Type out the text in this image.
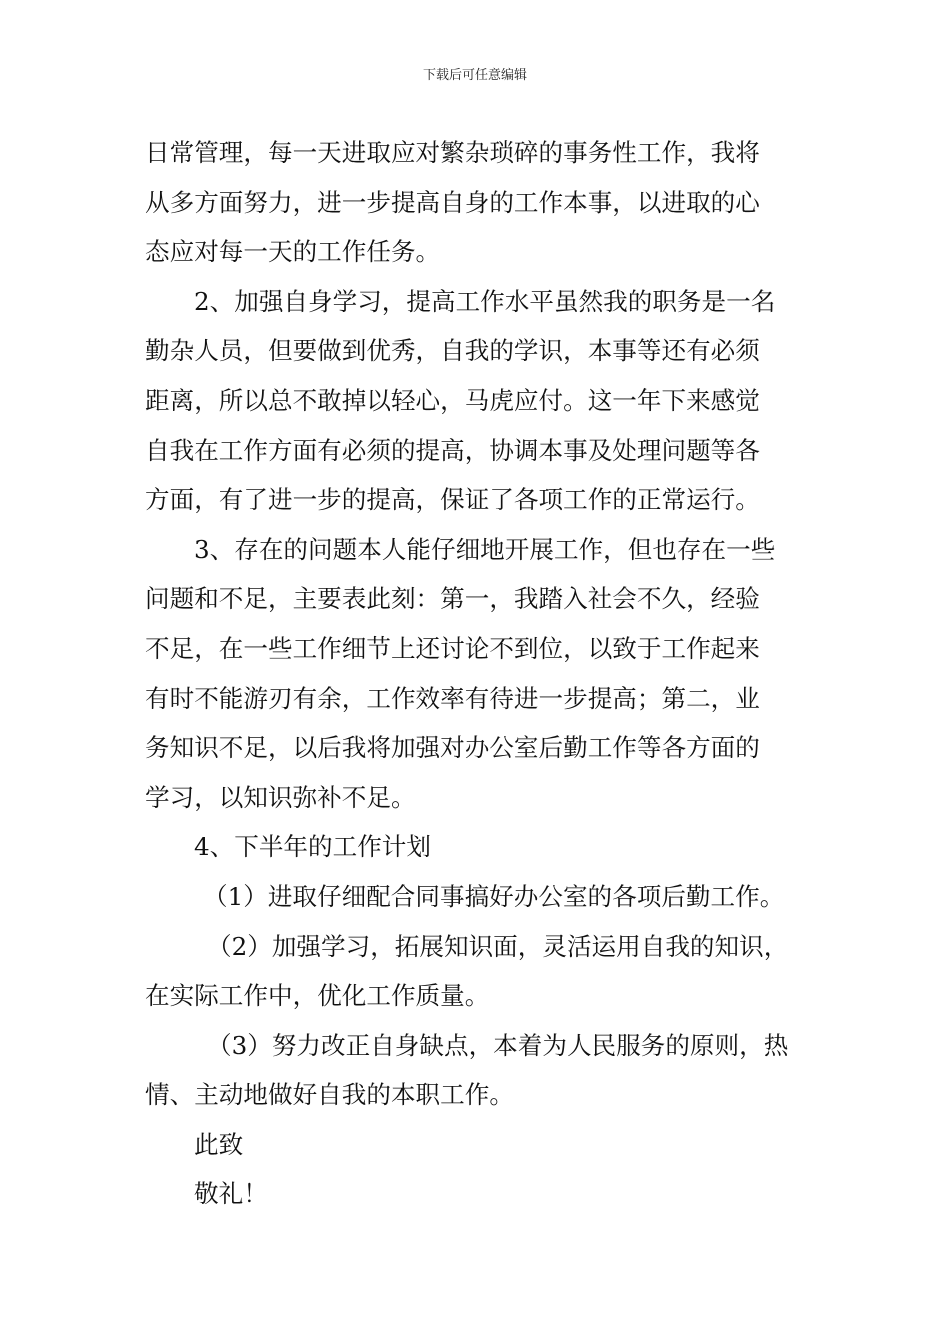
下载后可任意编辑
日常管理，每一天进取应对繁杂琐碎的事务性工作，我将
从多方面努力，进一步提高自身的工作本事，以进取的心
态应对每一天的工作任务。
2、加强自身学习，提高工作水平虽然我的职务是一名
勤杂人员，但要做到优秀，自我的学识，本事等还有必须
距离，所以总不敢掉以轻心，马虎应付。这一年下来感觉
自我在工作方面有必须的提高，协调本事及处理问题等各
方面，有了进一步的提高，保证了各项工作的正常运行。
3、存在的问题本人能仔细地开展工作，但也存在一些
问题和不足，主要表此刻：第一，我踏入社会不久，经验
不足，在一些工作细节上还讨论不到位，以致于工作起来
有时不能游刃有余，工作效率有待进一步提高；第二，业
务知识不足，以后我将加强对办公室后勤工作等各方面的
学习，以知识弥补不足。
4、下半年的工作计划
（1）进取仔细配合同事搞好办公室的各项后勤工作。
（2）加强学习，拓展知识面，灵活运用自我的知识，
在实际工作中，优化工作质量。
（3）努力改正自身缺点，本着为人民服务的原则，热
情、主动地做好自我的本职工作。
此致
敬礼！
